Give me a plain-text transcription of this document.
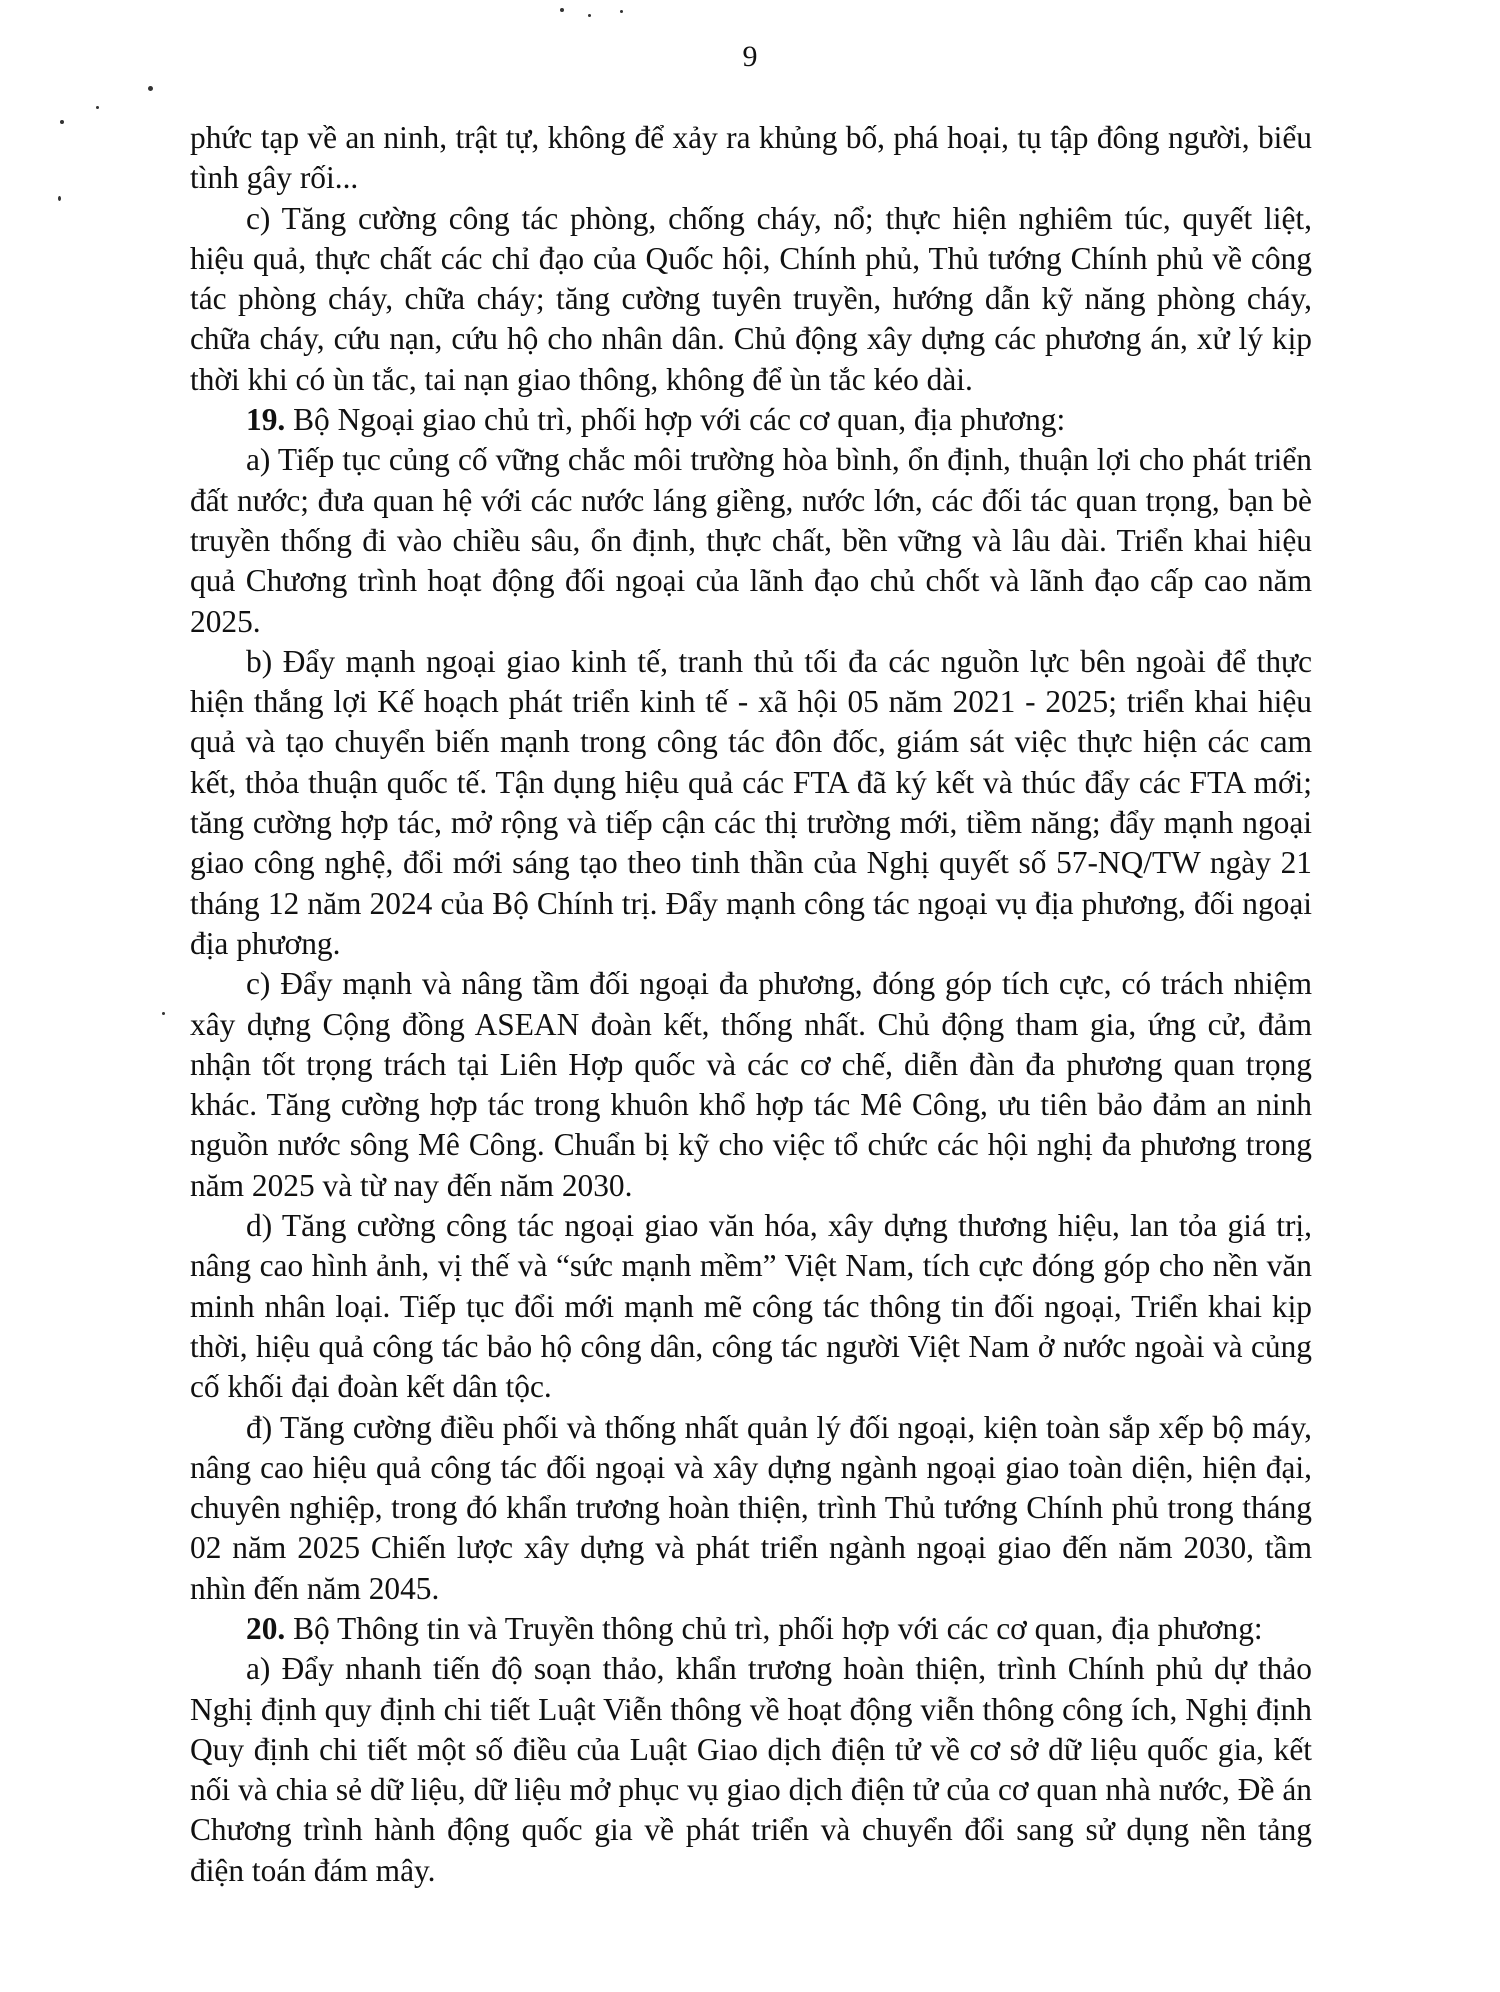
9

phức tạp về an ninh, trật tự, không để xảy ra khủng bố, phá hoại, tụ tập đông người, biểu tình gây rối...

c) Tăng cường công tác phòng, chống cháy, nổ; thực hiện nghiêm túc, quyết liệt, hiệu quả, thực chất các chỉ đạo của Quốc hội, Chính phủ, Thủ tướng Chính phủ về công tác phòng cháy, chữa cháy; tăng cường tuyên truyền, hướng dẫn kỹ năng phòng cháy, chữa cháy, cứu nạn, cứu hộ cho nhân dân. Chủ động xây dựng các phương án, xử lý kịp thời khi có ùn tắc, tai nạn giao thông, không để ùn tắc kéo dài.

19. Bộ Ngoại giao chủ trì, phối hợp với các cơ quan, địa phương:

a) Tiếp tục củng cố vững chắc môi trường hòa bình, ổn định, thuận lợi cho phát triển đất nước; đưa quan hệ với các nước láng giềng, nước lớn, các đối tác quan trọng, bạn bè truyền thống đi vào chiều sâu, ổn định, thực chất, bền vững và lâu dài. Triển khai hiệu quả Chương trình hoạt động đối ngoại của lãnh đạo chủ chốt và lãnh đạo cấp cao năm 2025.

b) Đẩy mạnh ngoại giao kinh tế, tranh thủ tối đa các nguồn lực bên ngoài để thực hiện thắng lợi Kế hoạch phát triển kinh tế - xã hội 05 năm 2021 - 2025; triển khai hiệu quả và tạo chuyển biến mạnh trong công tác đôn đốc, giám sát việc thực hiện các cam kết, thỏa thuận quốc tế. Tận dụng hiệu quả các FTA đã ký kết và thúc đẩy các FTA mới; tăng cường hợp tác, mở rộng và tiếp cận các thị trường mới, tiềm năng; đẩy mạnh ngoại giao công nghệ, đổi mới sáng tạo theo tinh thần của Nghị quyết số 57-NQ/TW ngày 21 tháng 12 năm 2024 của Bộ Chính trị. Đẩy mạnh công tác ngoại vụ địa phương, đối ngoại địa phương.

c) Đẩy mạnh và nâng tầm đối ngoại đa phương, đóng góp tích cực, có trách nhiệm xây dựng Cộng đồng ASEAN đoàn kết, thống nhất. Chủ động tham gia, ứng cử, đảm nhận tốt trọng trách tại Liên Hợp quốc và các cơ chế, diễn đàn đa phương quan trọng khác. Tăng cường hợp tác trong khuôn khổ hợp tác Mê Công, ưu tiên bảo đảm an ninh nguồn nước sông Mê Công. Chuẩn bị kỹ cho việc tổ chức các hội nghị đa phương trong năm 2025 và từ nay đến năm 2030.

d) Tăng cường công tác ngoại giao văn hóa, xây dựng thương hiệu, lan tỏa giá trị, nâng cao hình ảnh, vị thế và “sức mạnh mềm” Việt Nam, tích cực đóng góp cho nền văn minh nhân loại. Tiếp tục đổi mới mạnh mẽ công tác thông tin đối ngoại, Triển khai kịp thời, hiệu quả công tác bảo hộ công dân, công tác người Việt Nam ở nước ngoài và củng cố khối đại đoàn kết dân tộc.

đ) Tăng cường điều phối và thống nhất quản lý đối ngoại, kiện toàn sắp xếp bộ máy, nâng cao hiệu quả công tác đối ngoại và xây dựng ngành ngoại giao toàn diện, hiện đại, chuyên nghiệp, trong đó khẩn trương hoàn thiện, trình Thủ tướng Chính phủ trong tháng 02 năm 2025 Chiến lược xây dựng và phát triển ngành ngoại giao đến năm 2030, tầm nhìn đến năm 2045.

20. Bộ Thông tin và Truyền thông chủ trì, phối hợp với các cơ quan, địa phương:

a) Đẩy nhanh tiến độ soạn thảo, khẩn trương hoàn thiện, trình Chính phủ dự thảo Nghị định quy định chi tiết Luật Viễn thông về hoạt động viễn thông công ích, Nghị định Quy định chi tiết một số điều của Luật Giao dịch điện tử về cơ sở dữ liệu quốc gia, kết nối và chia sẻ dữ liệu, dữ liệu mở phục vụ giao dịch điện tử của cơ quan nhà nước, Đề án Chương trình hành động quốc gia về phát triển và chuyển đổi sang sử dụng nền tảng điện toán đám mây.
